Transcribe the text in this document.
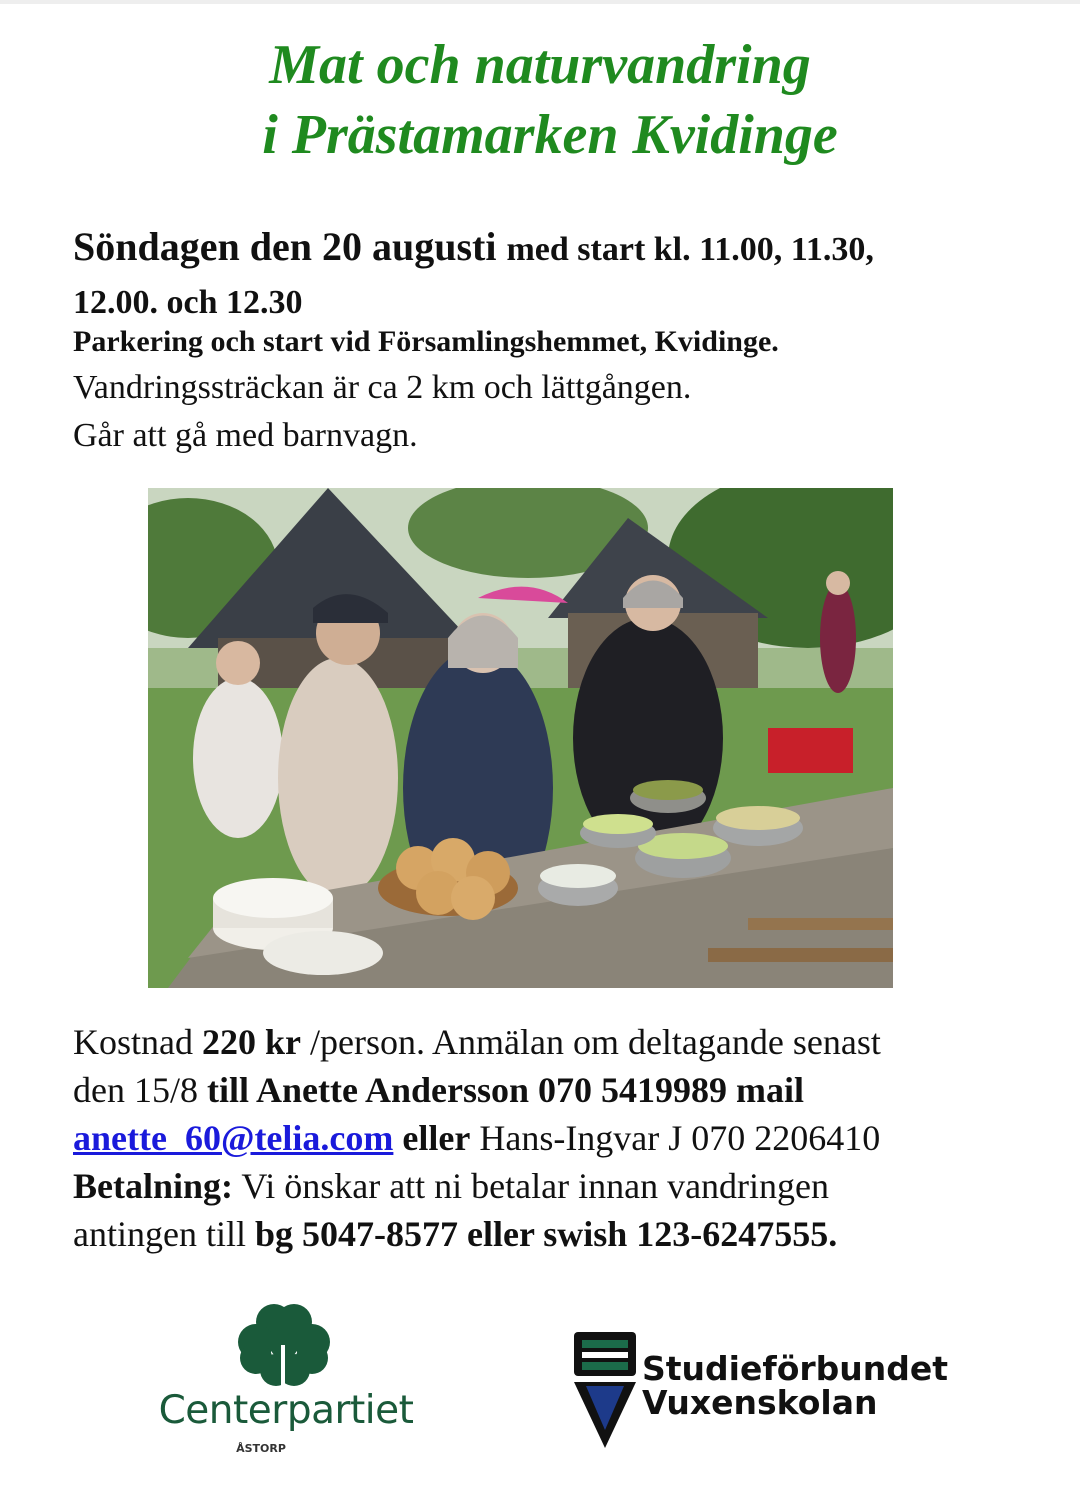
Mat och naturvandring
i Prästamarken Kvidinge
Söndagen den 20 augusti med start kl. 11.00, 11.30,
12.00. och 12.30
Parkering och start vid Församlingshemmet, Kvidinge.
Vandringssträckan är ca 2 km och lättgången.
Går att gå med barnvagn.
Kostnad 220 kr /person. Anmälan om deltagande senast
den 15/8 till Anette Andersson 070 5419989 mail
anette_60@telia.com eller Hans-Ingvar J 070 2206410
Betalning: Vi önskar att ni betalar innan vandringen
antingen till bg 5047-8577 eller swish 123-6247555.
Centerpartiet
ÅSTORP
Studieförbundet
Vuxenskolan
